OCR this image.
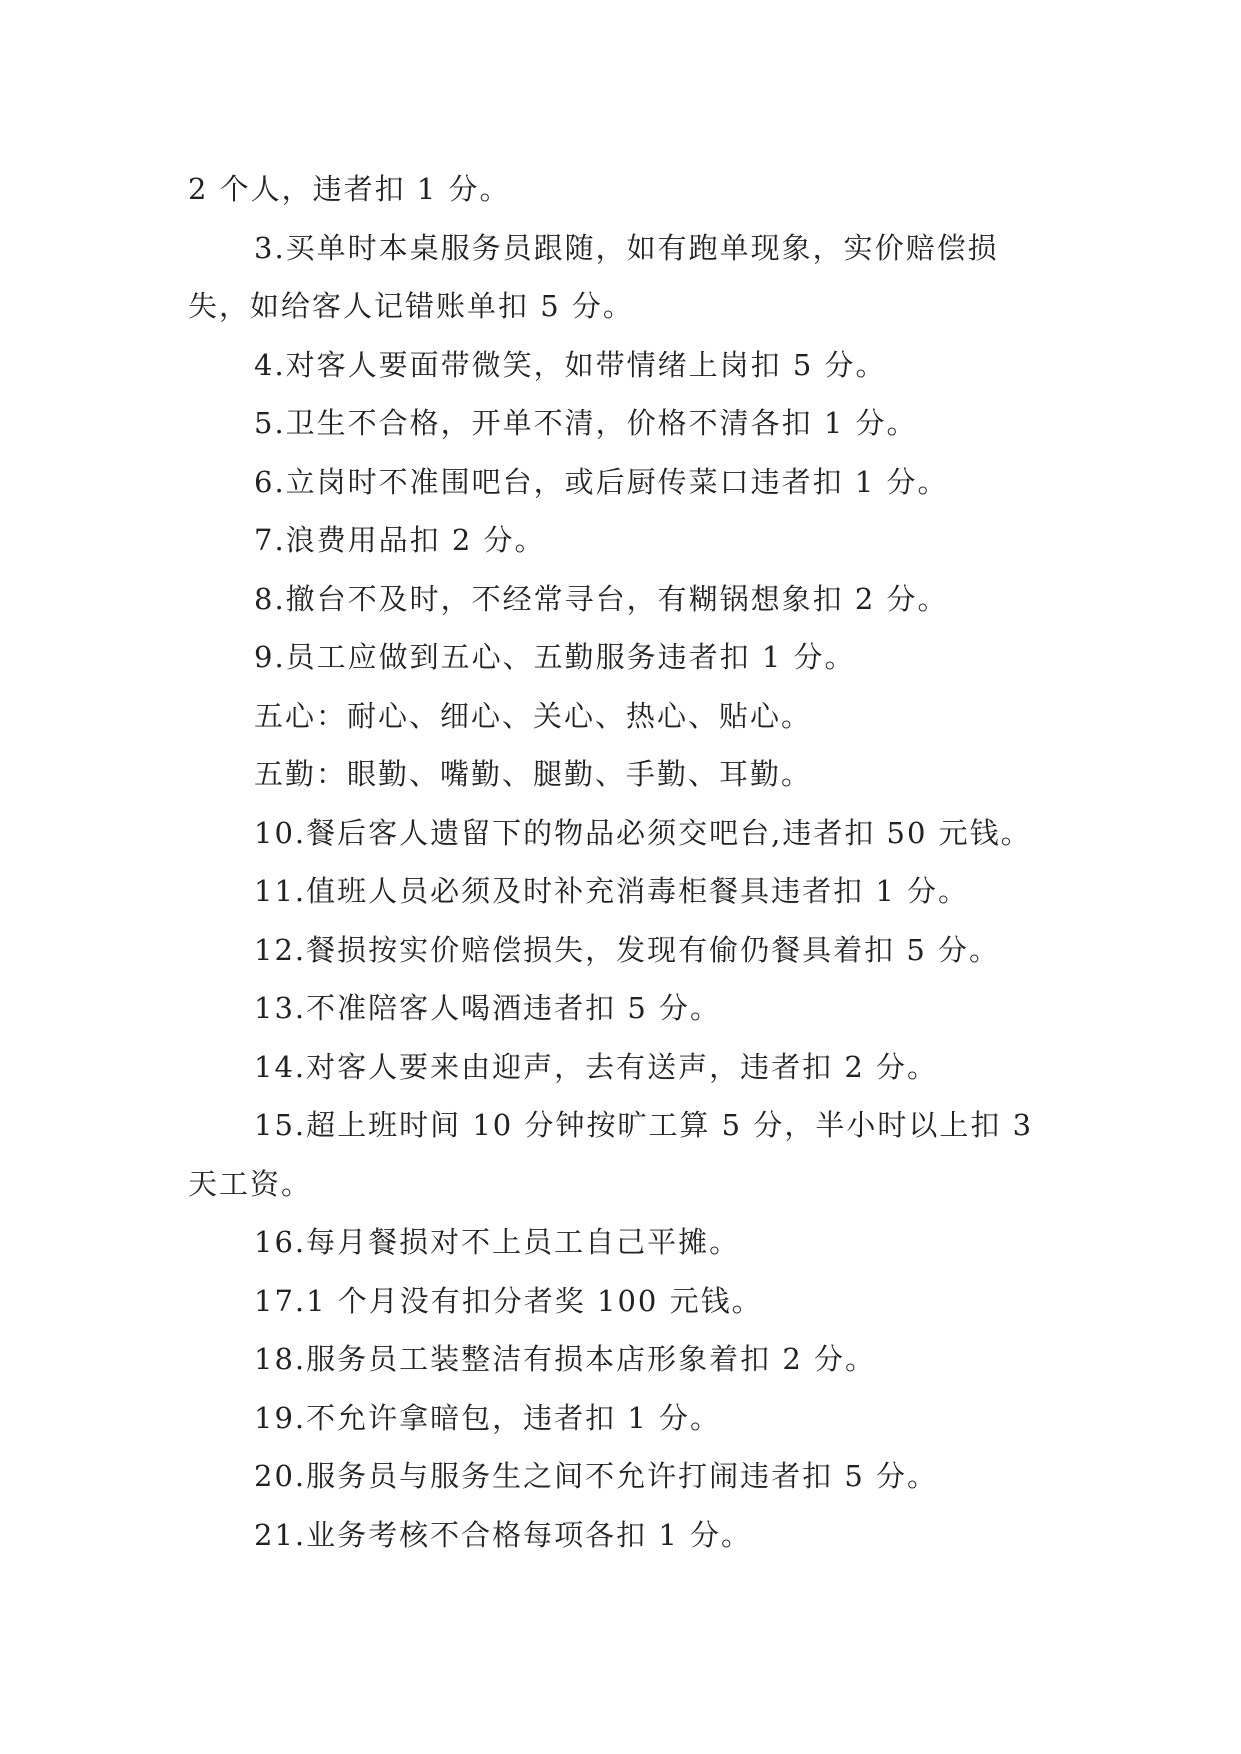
2 个人，违者扣 1 分。
3.买单时本桌服务员跟随，如有跑单现象，实价赔偿损
失，如给客人记错账单扣 5 分。
4.对客人要面带微笑，如带情绪上岗扣 5 分。
5.卫生不合格，开单不清，价格不清各扣 1 分。
6.立岗时不准围吧台，或后厨传菜口违者扣 1 分。
7.浪费用品扣 2 分。
8.撤台不及时，不经常寻台，有糊锅想象扣 2 分。
9.员工应做到五心、五勤服务违者扣 1 分。
五心：耐心、细心、关心、热心、贴心。
五勤：眼勤、嘴勤、腿勤、手勤、耳勤。
10.餐后客人遗留下的物品必须交吧台,违者扣 50 元钱。
11.值班人员必须及时补充消毒柜餐具违者扣 1 分。
12.餐损按实价赔偿损失，发现有偷仍餐具着扣 5 分。
13.不准陪客人喝酒违者扣 5 分。
14.对客人要来由迎声，去有送声，违者扣 2 分。
15.超上班时间 10 分钟按旷工算 5 分，半小时以上扣 3
天工资。
16.每月餐损对不上员工自己平摊。
17.1 个月没有扣分者奖 100 元钱。
18.服务员工装整洁有损本店形象着扣 2 分。
19.不允许拿暗包，违者扣 1 分。
20.服务员与服务生之间不允许打闹违者扣 5 分。
21.业务考核不合格每项各扣 1 分。
